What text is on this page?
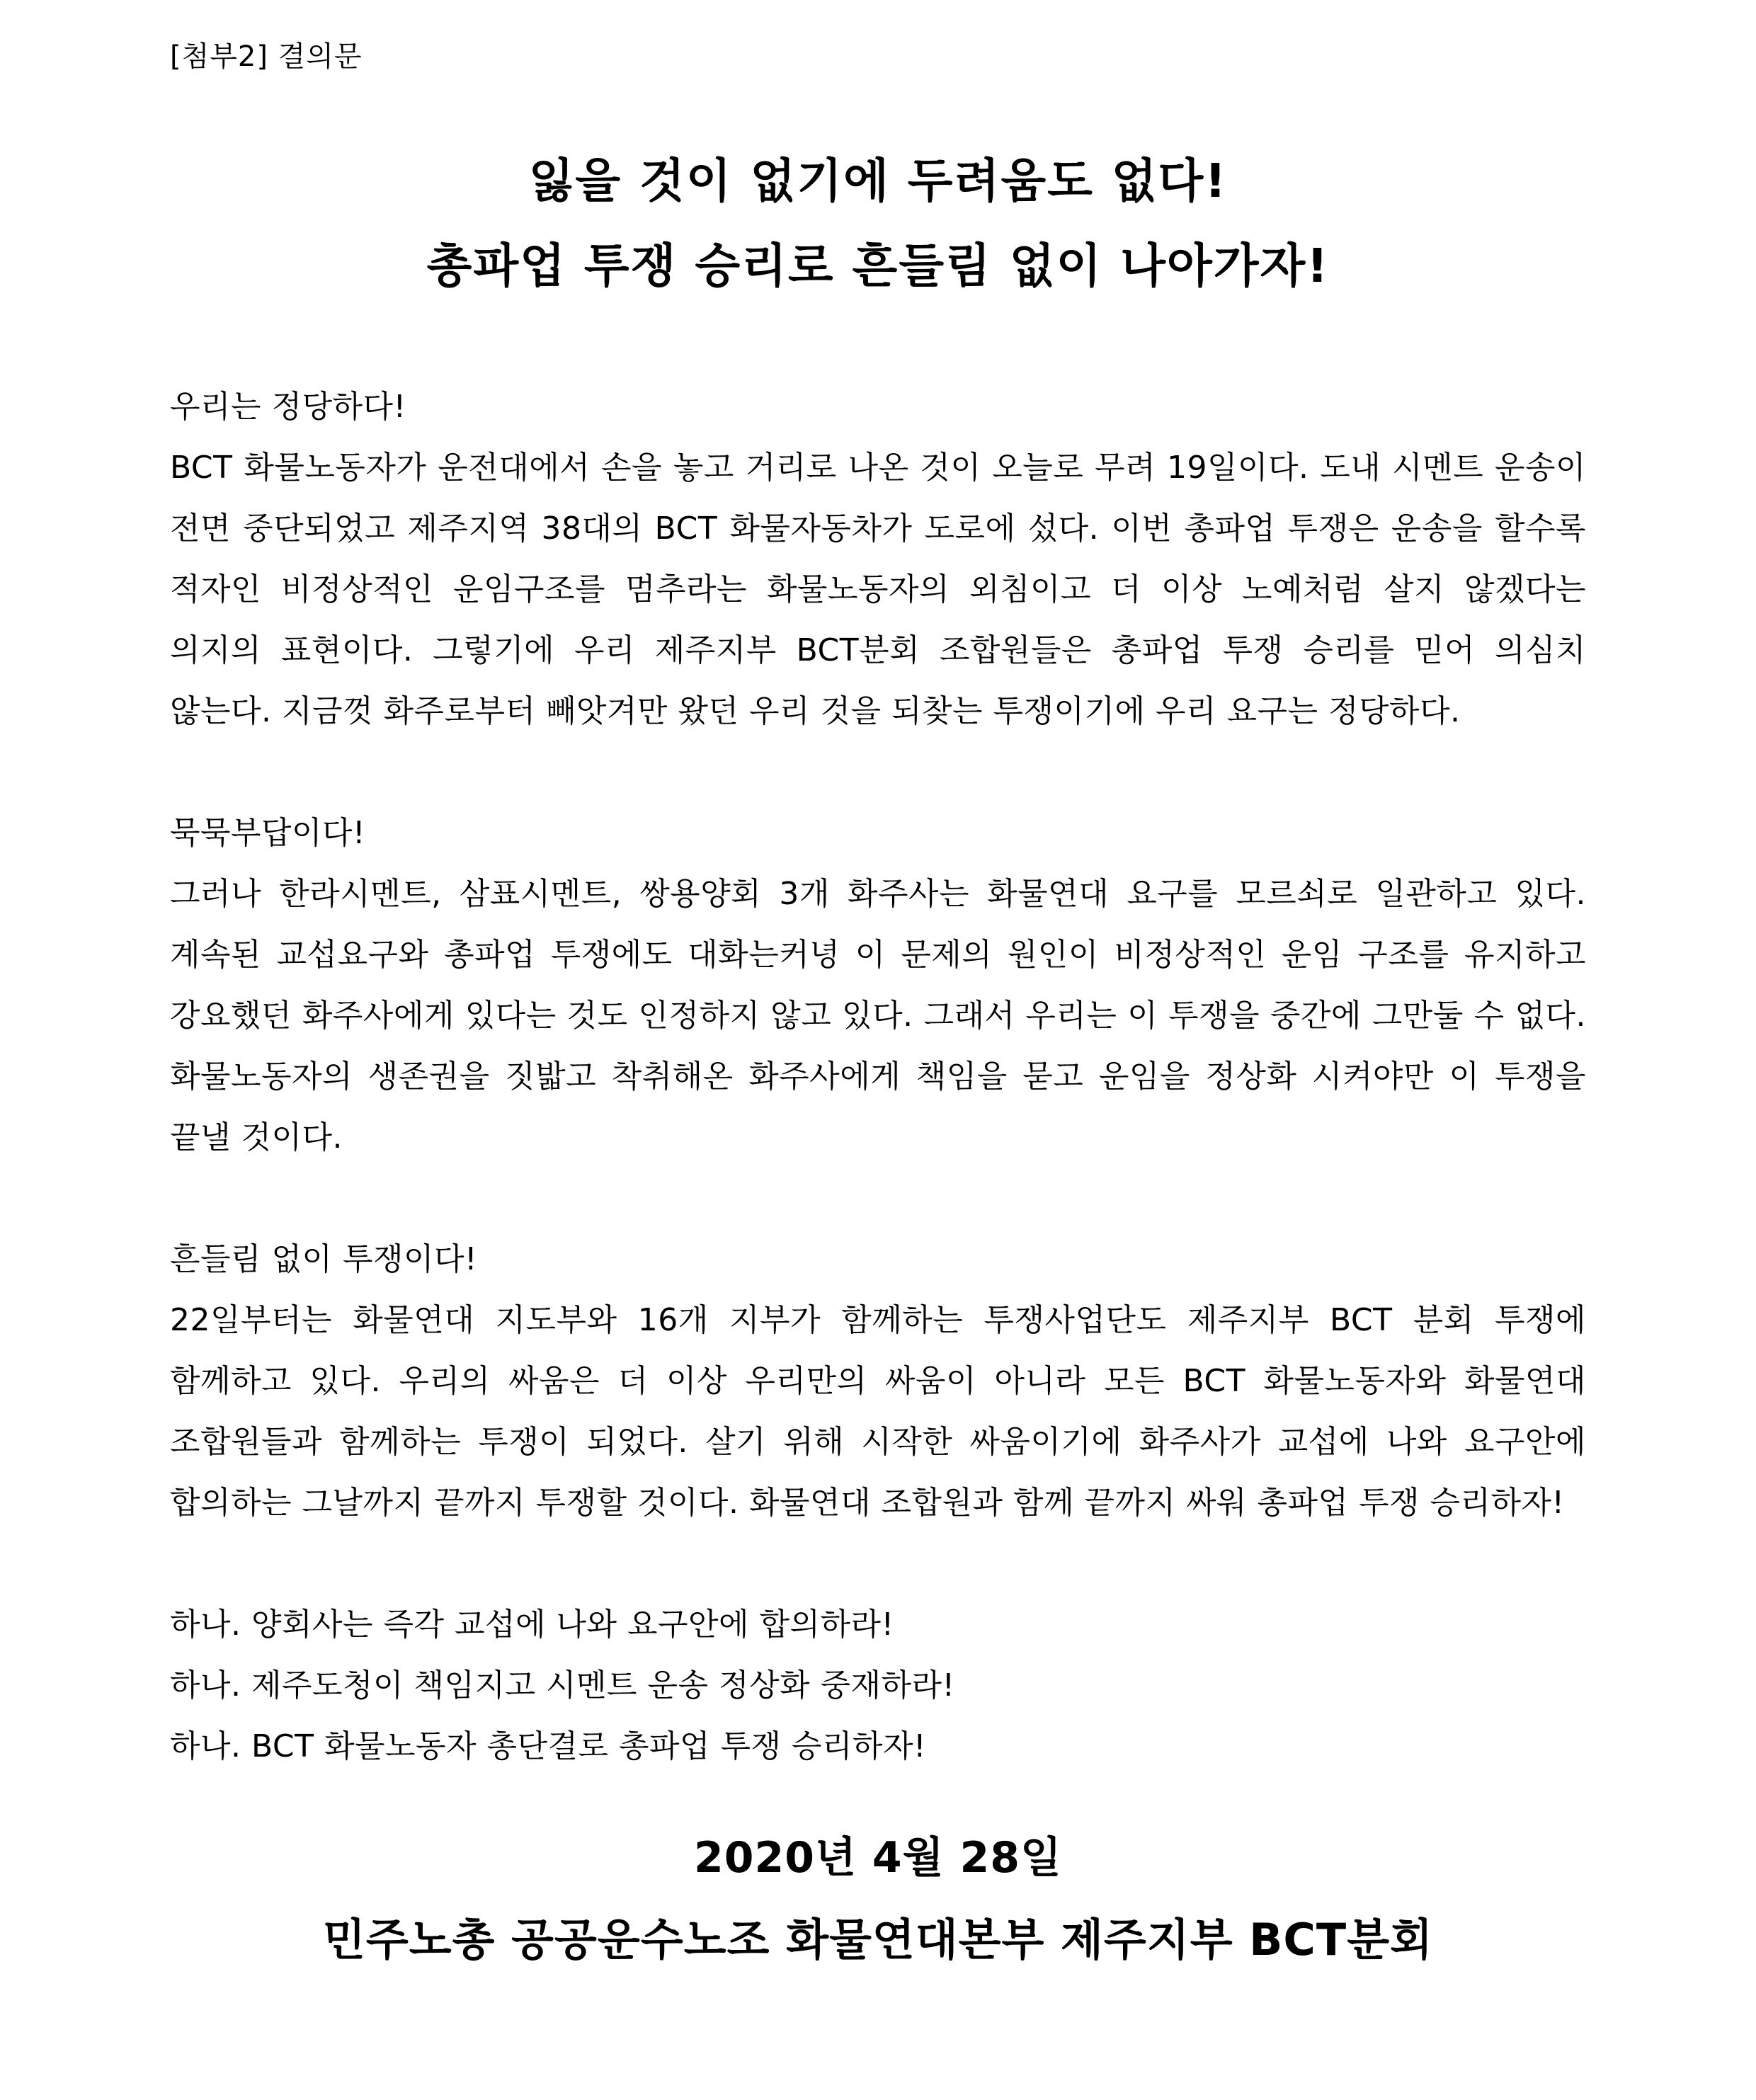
[첨부2] 결의문
잃을 것이 없기에 두려움도 없다!
총파업 투쟁 승리로 흔들림 없이 나아가자!
우리는 정당하다!
BCT 화물노동자가 운전대에서 손을 놓고 거리로 나온 것이 오늘로 무려 19일이다. 도내 시멘트 운송이 전면 중단되었고 제주지역 38대의 BCT 화물자동차가 도로에 섰다. 이번 총파업 투쟁은 운송을 할수록 적자인 비정상적인 운임구조를 멈추라는 화물노동자의 외침이고 더 이상 노예처럼 살지 않겠다는 의지의 표현이다. 그렇기에 우리 제주지부 BCT분회 조합원들은 총파업 투쟁 승리를 믿어 의심치 않는다. 지금껏 화주로부터 빼앗겨만 왔던 우리 것을 되찾는 투쟁이기에 우리 요구는 정당하다.
묵묵부답이다!
그러나 한라시멘트, 삼표시멘트, 쌍용양회 3개 화주사는 화물연대 요구를 모르쇠로 일관하고 있다. 계속된 교섭요구와 총파업 투쟁에도 대화는커녕 이 문제의 원인이 비정상적인 운임 구조를 유지하고 강요했던 화주사에게 있다는 것도 인정하지 않고 있다. 그래서 우리는 이 투쟁을 중간에 그만둘 수 없다. 화물노동자의 생존권을 짓밟고 착취해온 화주사에게 책임을 묻고 운임을 정상화 시켜야만 이 투쟁을 끝낼 것이다.
흔들림 없이 투쟁이다!
22일부터는 화물연대 지도부와 16개 지부가 함께하는 투쟁사업단도 제주지부 BCT 분회 투쟁에 함께하고 있다. 우리의 싸움은 더 이상 우리만의 싸움이 아니라 모든 BCT 화물노동자와 화물연대 조합원들과 함께하는 투쟁이 되었다. 살기 위해 시작한 싸움이기에 화주사가 교섭에 나와 요구안에 합의하는 그날까지 끝까지 투쟁할 것이다. 화물연대 조합원과 함께 끝까지 싸워 총파업 투쟁 승리하자!
하나. 양회사는 즉각 교섭에 나와 요구안에 합의하라!
하나. 제주도청이 책임지고 시멘트 운송 정상화 중재하라!
하나. BCT 화물노동자 총단결로 총파업 투쟁 승리하자!
2020년 4월 28일
민주노총 공공운수노조 화물연대본부 제주지부 BCT분회
